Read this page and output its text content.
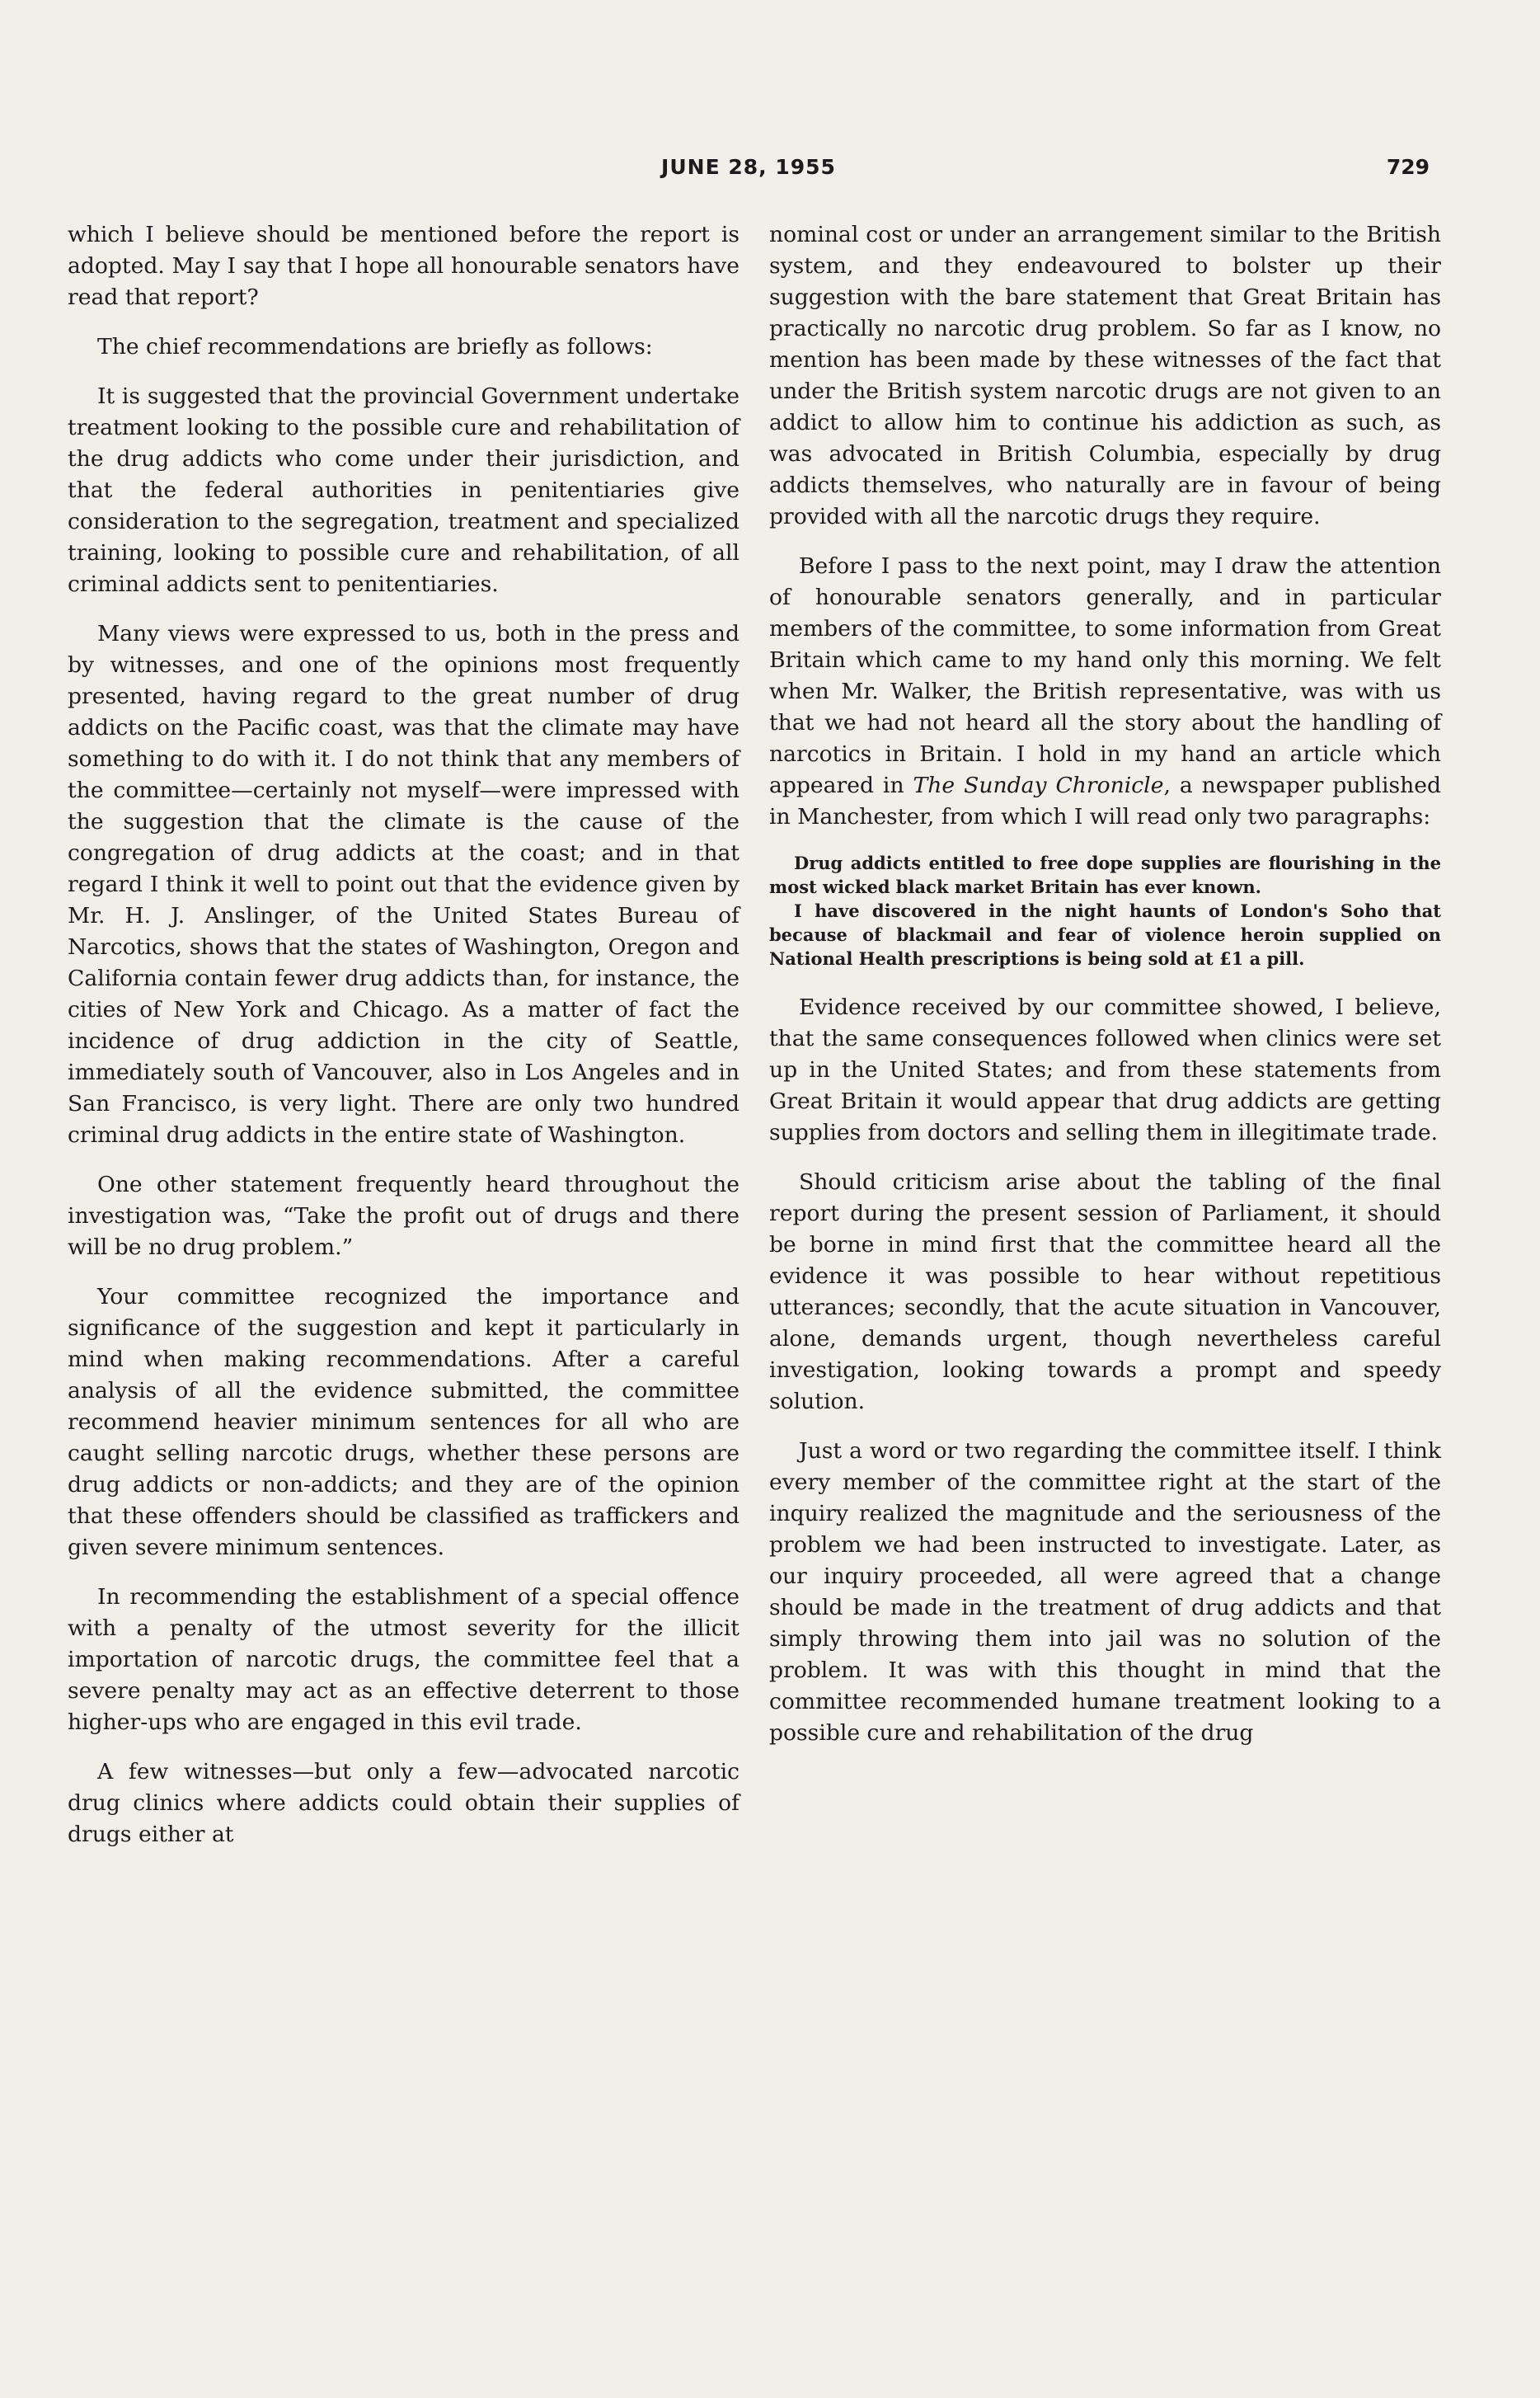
JUNE 28, 1955	729

which I believe should be mentioned before the report is adopted. May I say that I hope all honourable senators have read that report?

The chief recommendations are briefly as follows:

It is suggested that the provincial Government undertake treatment looking to the possible cure and rehabilitation of the drug addicts who come under their jurisdiction, and that the federal authorities in penitentiaries give consideration to the segregation, treatment and specialized training, looking to possible cure and rehabilitation, of all criminal addicts sent to penitentiaries.

Many views were expressed to us, both in the press and by witnesses, and one of the opinions most frequently presented, having regard to the great number of drug addicts on the Pacific coast, was that the climate may have something to do with it. I do not think that any members of the committee—certainly not myself—were impressed with the suggestion that the climate is the cause of the congregation of drug addicts at the coast; and in that regard I think it well to point out that the evidence given by Mr. H. J. Anslinger, of the United States Bureau of Narcotics, shows that the states of Washington, Oregon and California contain fewer drug addicts than, for instance, the cities of New York and Chicago. As a matter of fact the incidence of drug addiction in the city of Seattle, immediately south of Vancouver, also in Los Angeles and in San Francisco, is very light. There are only two hundred criminal drug addicts in the entire state of Washington.

One other statement frequently heard throughout the investigation was, “Take the profit out of drugs and there will be no drug problem.”

Your committee recognized the importance and significance of the suggestion and kept it particularly in mind when making recommendations. After a careful analysis of all the evidence submitted, the committee recommend heavier minimum sentences for all who are caught selling narcotic drugs, whether these persons are drug addicts or non-addicts; and they are of the opinion that these offenders should be classified as traffickers and given severe minimum sentences.

In recommending the establishment of a special offence with a penalty of the utmost severity for the illicit importation of narcotic drugs, the committee feel that a severe penalty may act as an effective deterrent to those higher-ups who are engaged in this evil trade.

A few witnesses—but only a few—advocated narcotic drug clinics where addicts could obtain their supplies of drugs either at

nominal cost or under an arrangement similar to the British system, and they endeavoured to bolster up their suggestion with the bare statement that Great Britain has practically no narcotic drug problem. So far as I know, no mention has been made by these witnesses of the fact that under the British system narcotic drugs are not given to an addict to allow him to continue his addiction as such, as was advocated in British Columbia, especially by drug addicts themselves, who naturally are in favour of being provided with all the narcotic drugs they require.

Before I pass to the next point, may I draw the attention of honourable senators generally, and in particular members of the committee, to some information from Great Britain which came to my hand only this morning. We felt when Mr. Walker, the British representative, was with us that we had not heard all the story about the handling of narcotics in Britain. I hold in my hand an article which appeared in The Sunday Chronicle, a newspaper published in Manchester, from which I will read only two paragraphs:

Drug addicts entitled to free dope supplies are flourishing in the most wicked black market Britain has ever known.
I have discovered in the night haunts of London's Soho that because of blackmail and fear of violence heroin supplied on National Health prescriptions is being sold at £1 a pill.

Evidence received by our committee showed, I believe, that the same consequences followed when clinics were set up in the United States; and from these statements from Great Britain it would appear that drug addicts are getting supplies from doctors and selling them in illegitimate trade.

Should criticism arise about the tabling of the final report during the present session of Parliament, it should be borne in mind first that the committee heard all the evidence it was possible to hear without repetitious utterances; secondly, that the acute situation in Vancouver, alone, demands urgent, though nevertheless careful investigation, looking towards a prompt and speedy solution.

Just a word or two regarding the committee itself. I think every member of the committee right at the start of the inquiry realized the magnitude and the seriousness of the problem we had been instructed to investigate. Later, as our inquiry proceeded, all were agreed that a change should be made in the treatment of drug addicts and that simply throwing them into jail was no solution of the problem. It was with this thought in mind that the committee recommended humane treatment looking to a possible cure and rehabilitation of the drug
